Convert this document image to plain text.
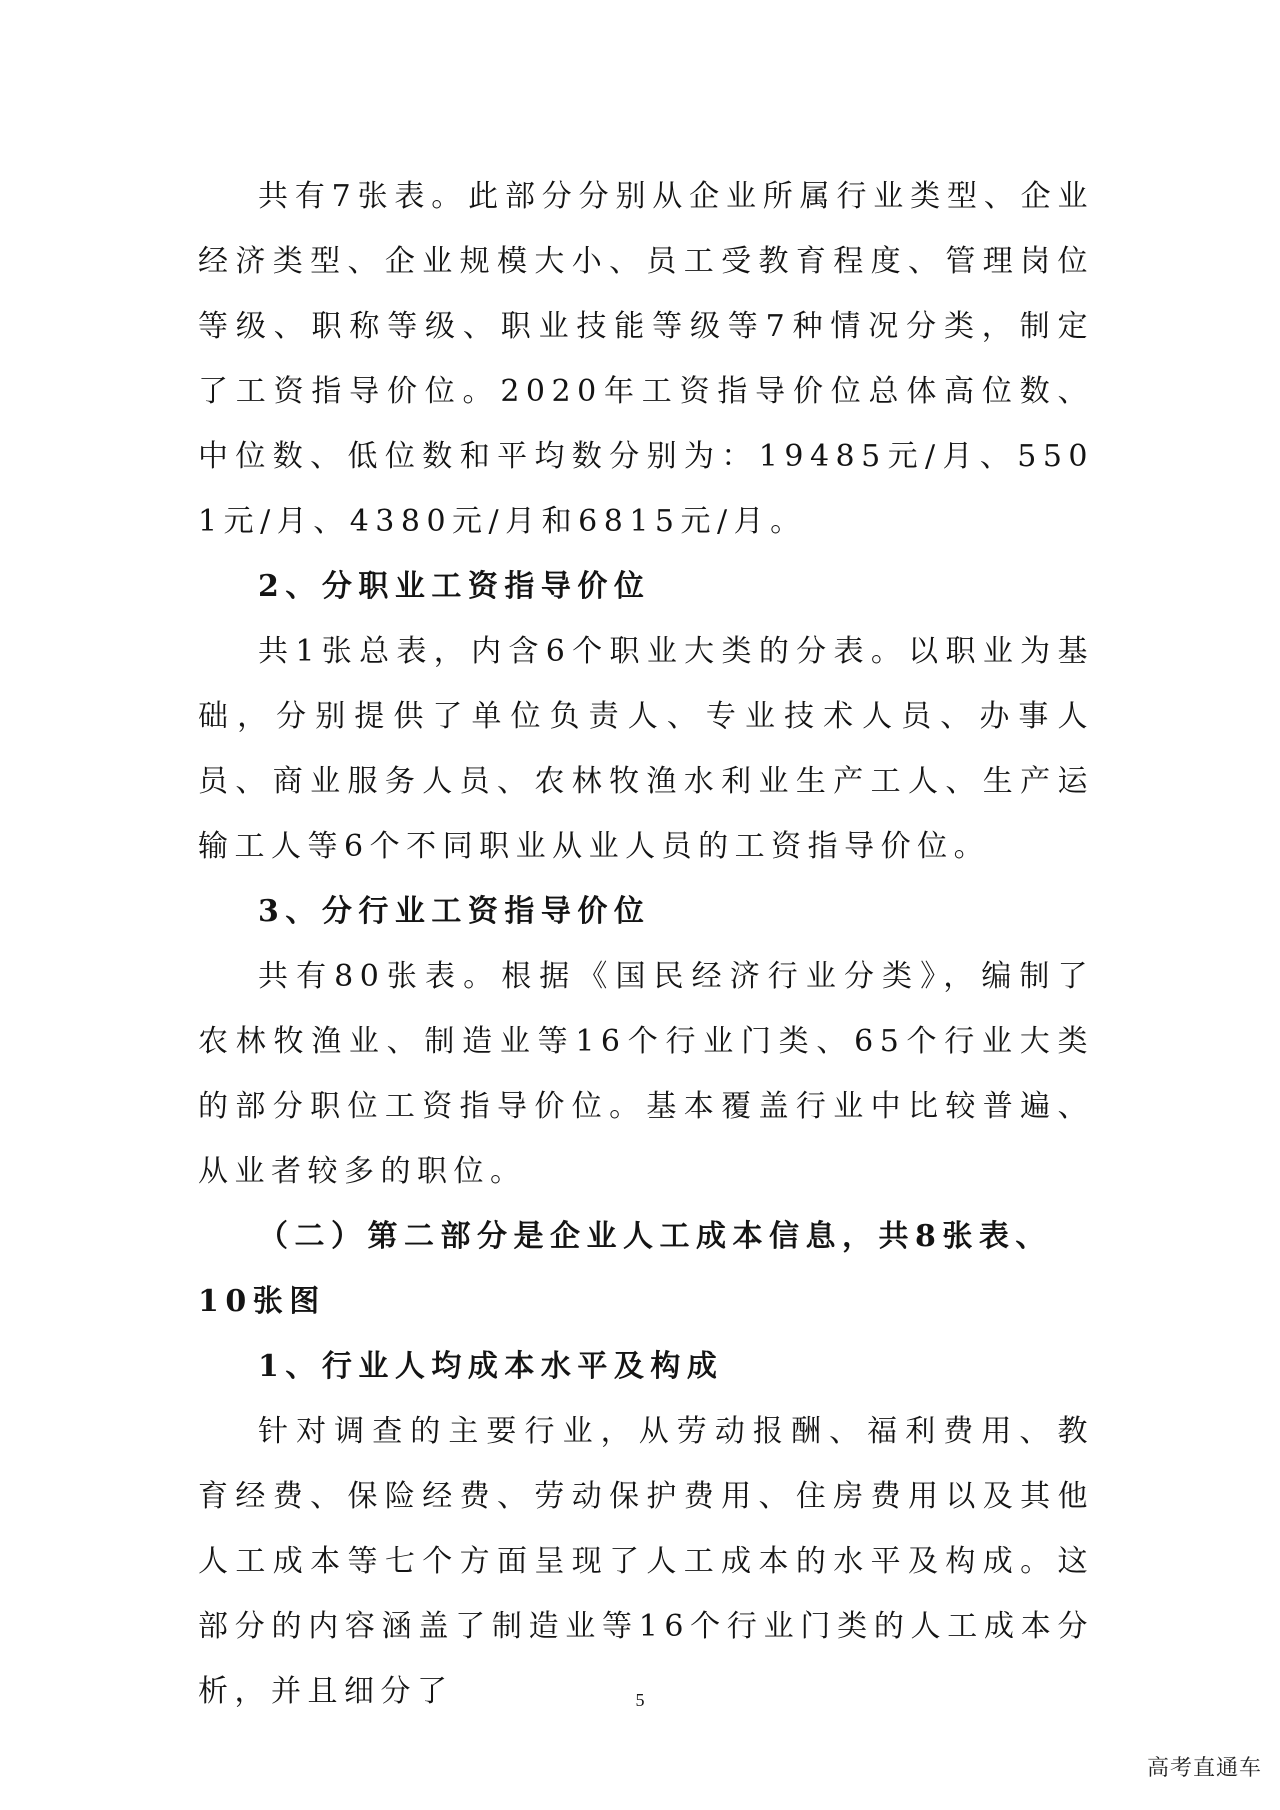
共有7张表。此部分分别从企业所属行业类型、企业经济类型、企业规模大小、员工受教育程度、管理岗位等级、职称等级、职业技能等级等7种情况分类，制定了工资指导价位。2020年工资指导价位总体高位数、中位数、低位数和平均数分别为：19485元/月、5501元/月、4380元/月和6815元/月。

2、分职业工资指导价位

共1张总表，内含6个职业大类的分表。以职业为基础，分别提供了单位负责人、专业技术人员、办事人员、商业服务人员、农林牧渔水利业生产工人、生产运输工人等6个不同职业从业人员的工资指导价位。

3、分行业工资指导价位

共有80张表。根据《国民经济行业分类》，编制了农林牧渔业、制造业等16个行业门类、65个行业大类的部分职位工资指导价位。基本覆盖行业中比较普遍、从业者较多的职位。

（二）第二部分是企业人工成本信息，共8张表、10张图

1、行业人均成本水平及构成

针对调查的主要行业，从劳动报酬、福利费用、教育经费、保险经费、劳动保护费用、住房费用以及其他人工成本等七个方面呈现了人工成本的水平及构成。这部分的内容涵盖了制造业等16个行业门类的人工成本分析，并且细分了	5
高考直通车
